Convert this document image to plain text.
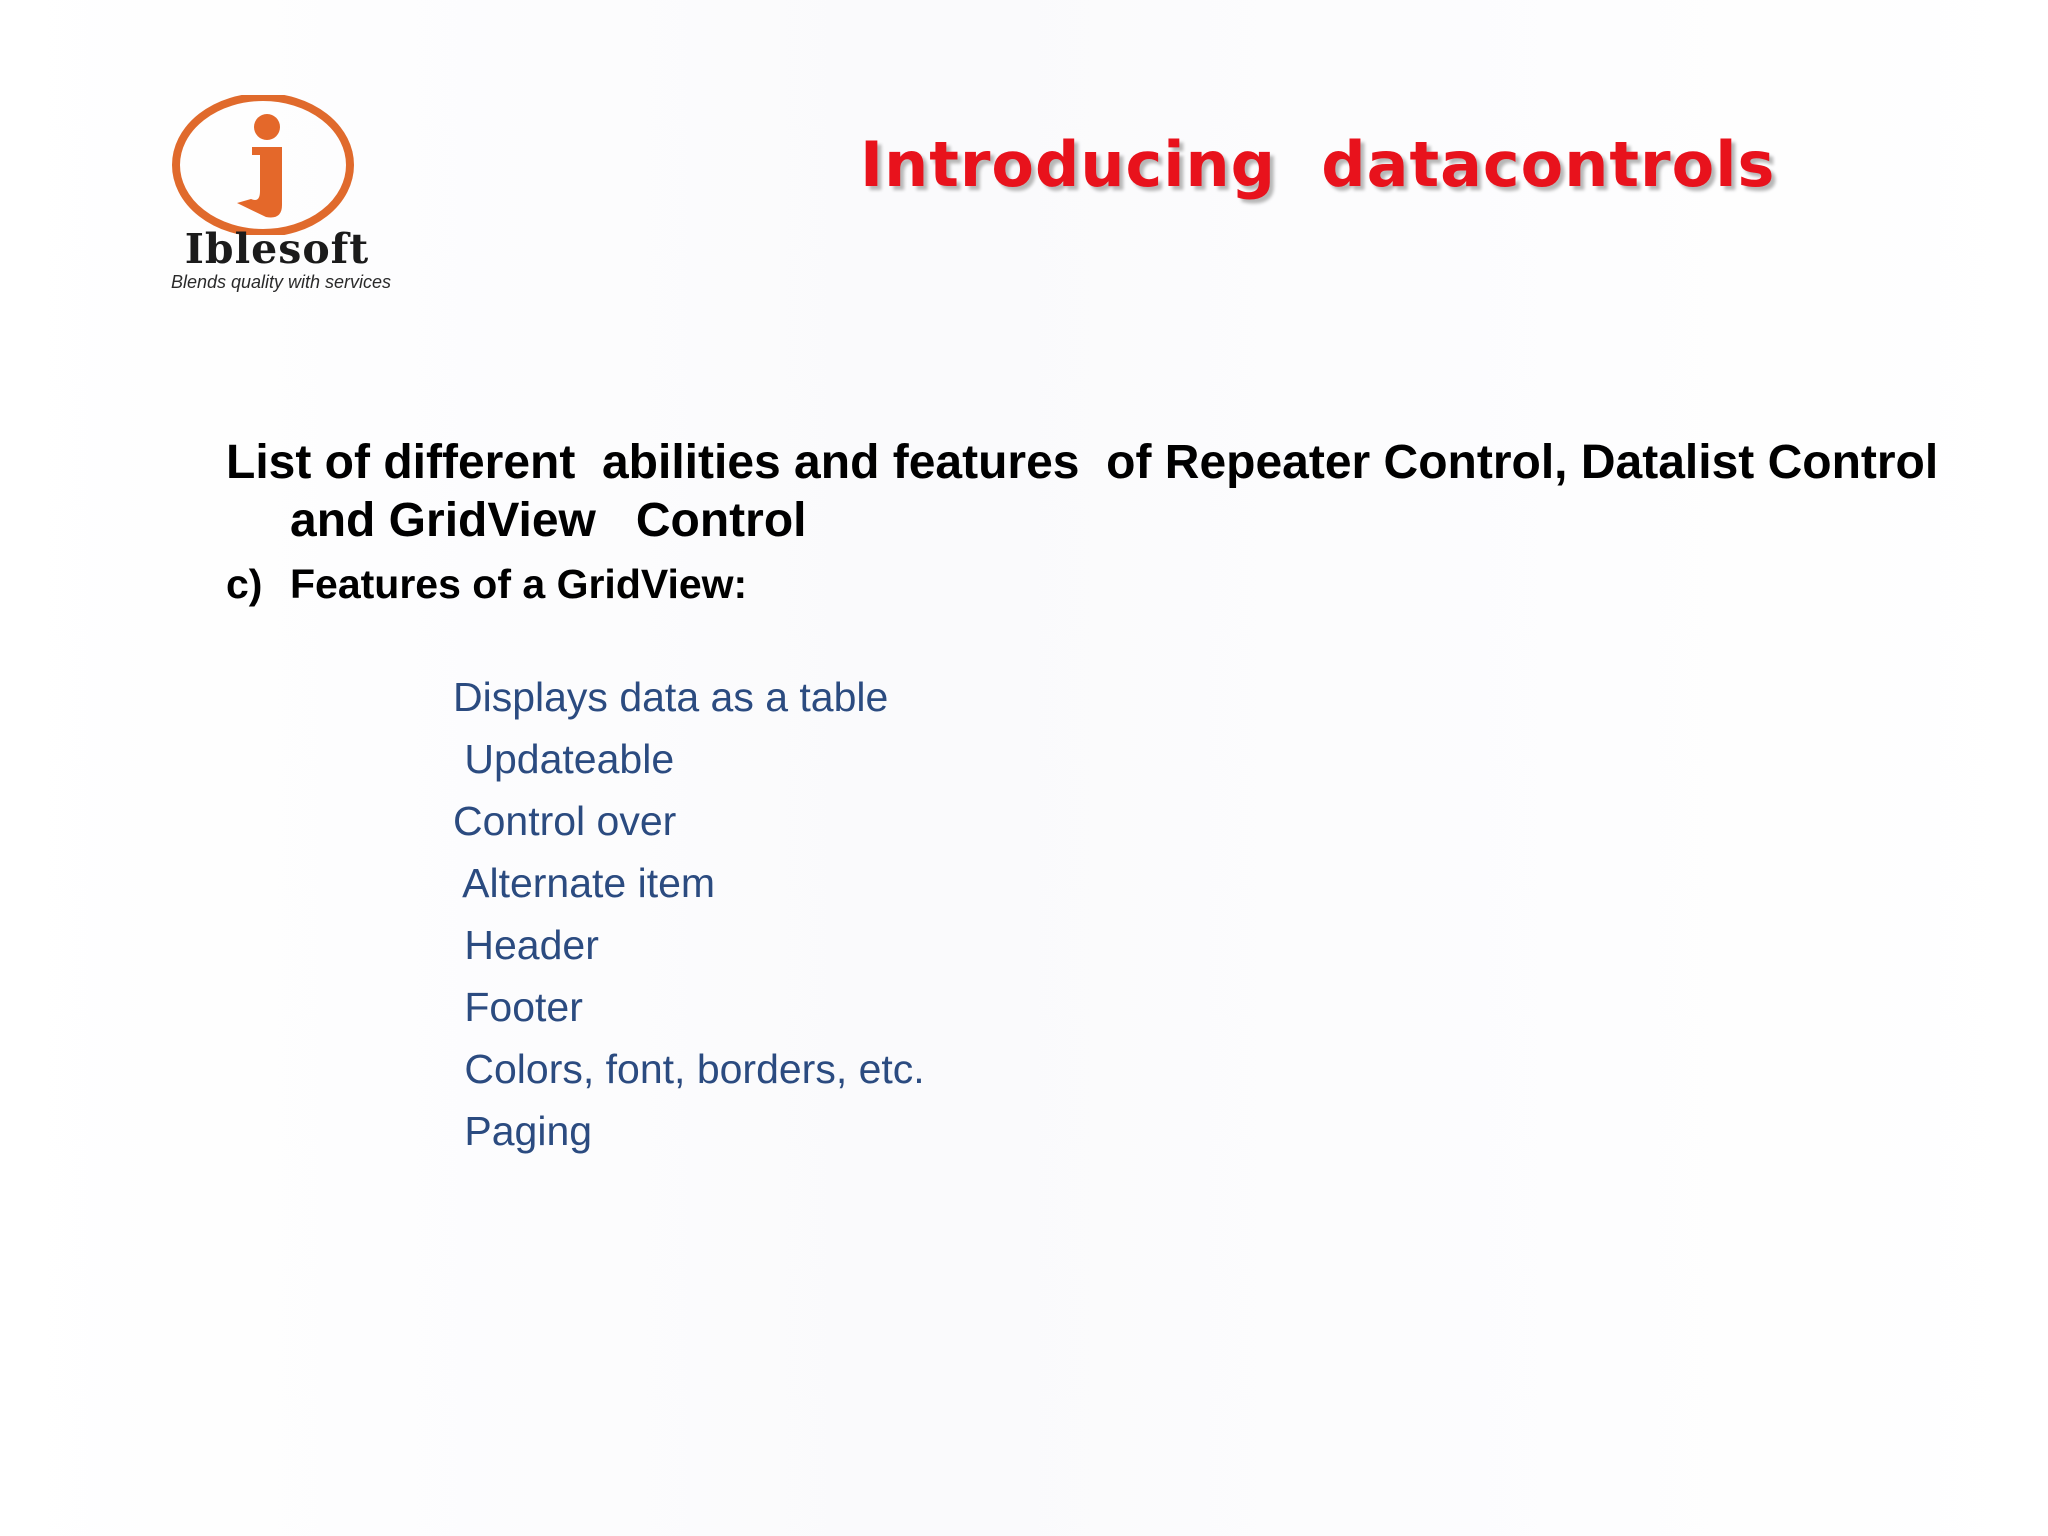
Iblesoft
Blends quality with services
Introducing  datacontrols

List of different  abilities and features  of Repeater Control, Datalist Control and GridView   Control

c) Features of a GridView:

Displays data as a table
Updateable
Control over
Alternate item
Header
Footer
Colors, font, borders, etc.
Paging
